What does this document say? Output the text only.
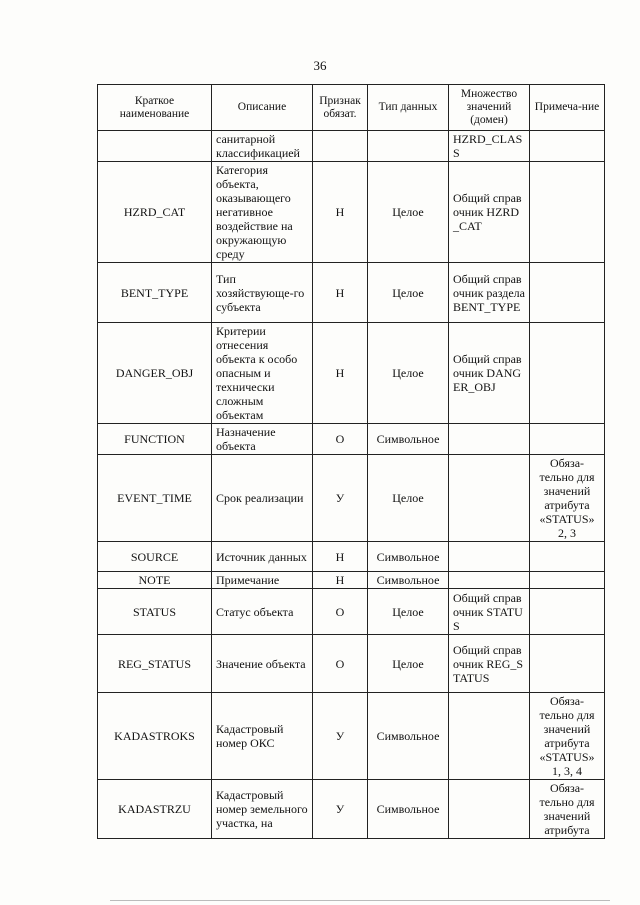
36
Краткое наименование	Описание	Признак обязат.	Тип данных	Множество значений (домен)	Примеча-ние
	санитарной классификацией			HZRD_CLASS	
HZRD_CAT	Категория объекта, оказывающего негативное воздействие на окружающую среду	Н	Целое	Общий справочник HZRD_CAT	
BENT_TYPE	Тип хозяйствующе-го субъекта	Н	Целое	Общий справочник раздела BENT_TYPE	
DANGER_OBJ	Критерии отнесения объекта к особо опасным и технически сложным объектам	Н	Целое	Общий справочник DANGER_OBJ	
FUNCTION	Назначение объекта	О	Символьное		
EVENT_TIME	Срок реализации	У	Целое		Обяза-тельно для значений атрибута «STATUS» 2, 3
SOURCE	Источник данных	Н	Символьное		
NOTE	Примечание	Н	Символьное		
STATUS	Статус объекта	О	Целое	Общий справочник STATUS	
REG_STATUS	Значение объекта	О	Целое	Общий справочник REG_STATUS	
KADASTROKS	Кадастровый номер ОКС	У	Символьное		Обяза-тельно для значений атрибута «STATUS» 1, 3, 4
KADASTRZU	Кадастровый номер земельного участка, на	У	Символьное		Обяза-тельно для значений атрибута
